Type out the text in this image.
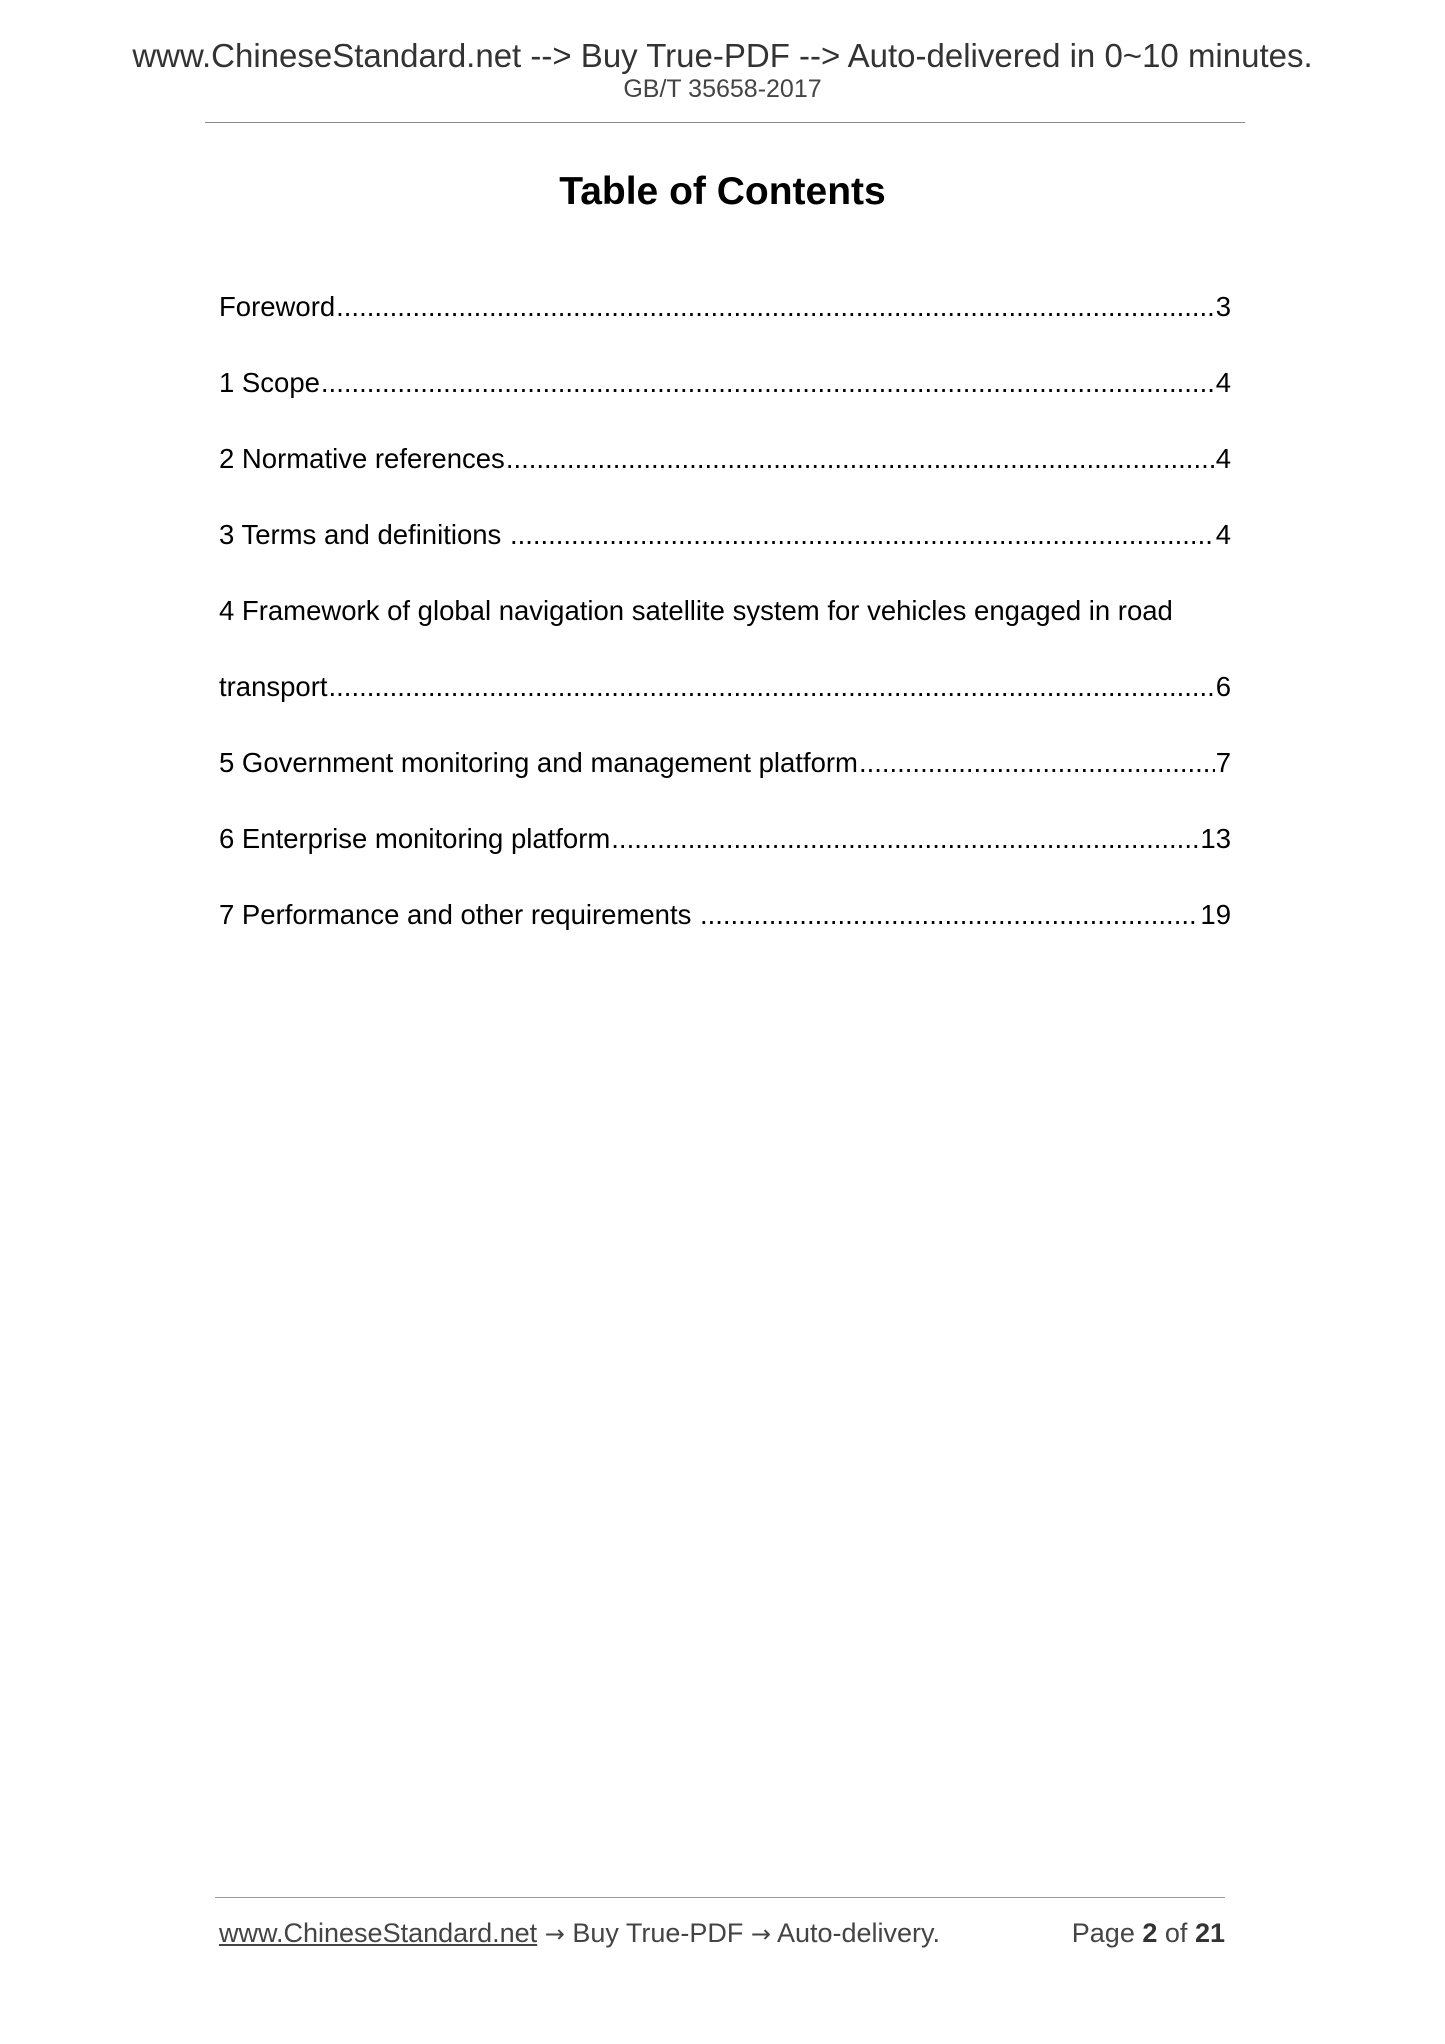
www.ChineseStandard.net --> Buy True-PDF --> Auto-delivered in 0~10 minutes.
GB/T 35658-2017
Table of Contents
Foreword .....	3
1 Scope .....	4
2 Normative references .....	4
3 Terms and definitions .....	4
4 Framework of global navigation satellite system for vehicles engaged in road
transport .....	6
5 Government monitoring and management platform .....	7
6 Enterprise monitoring platform .....	13
7 Performance and other requirements .....	19
www.ChineseStandard.net → Buy True-PDF → Auto-delivery.	Page 2 of 21
